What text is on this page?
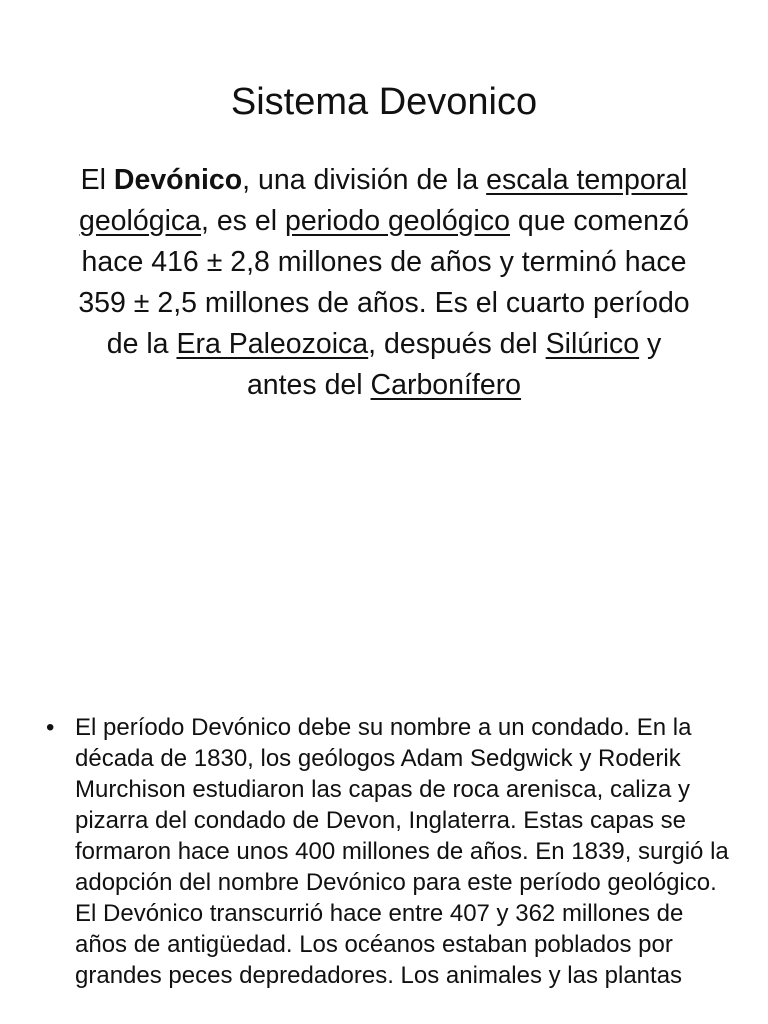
Sistema Devonico

El Devónico, una división de la escala temporal geológica, es el periodo geológico que comenzó hace 416 ± 2,8 millones de años y terminó hace 359 ± 2,5 millones de años. Es el cuarto período de la Era Paleozoica, después del Silúrico y antes del Carbonífero

• El período Devónico debe su nombre a un condado. En la década de 1830, los geólogos Adam Sedgwick y Roderik Murchison estudiaron las capas de roca arenisca, caliza y pizarra del condado de Devon, Inglaterra. Estas capas se formaron hace unos 400 millones de años. En 1839, surgió la adopción del nombre Devónico para este período geológico. El Devónico transcurrió hace entre 407 y 362 millones de años de antigüedad. Los océanos estaban poblados por grandes peces depredadores. Los animales y las plantas
